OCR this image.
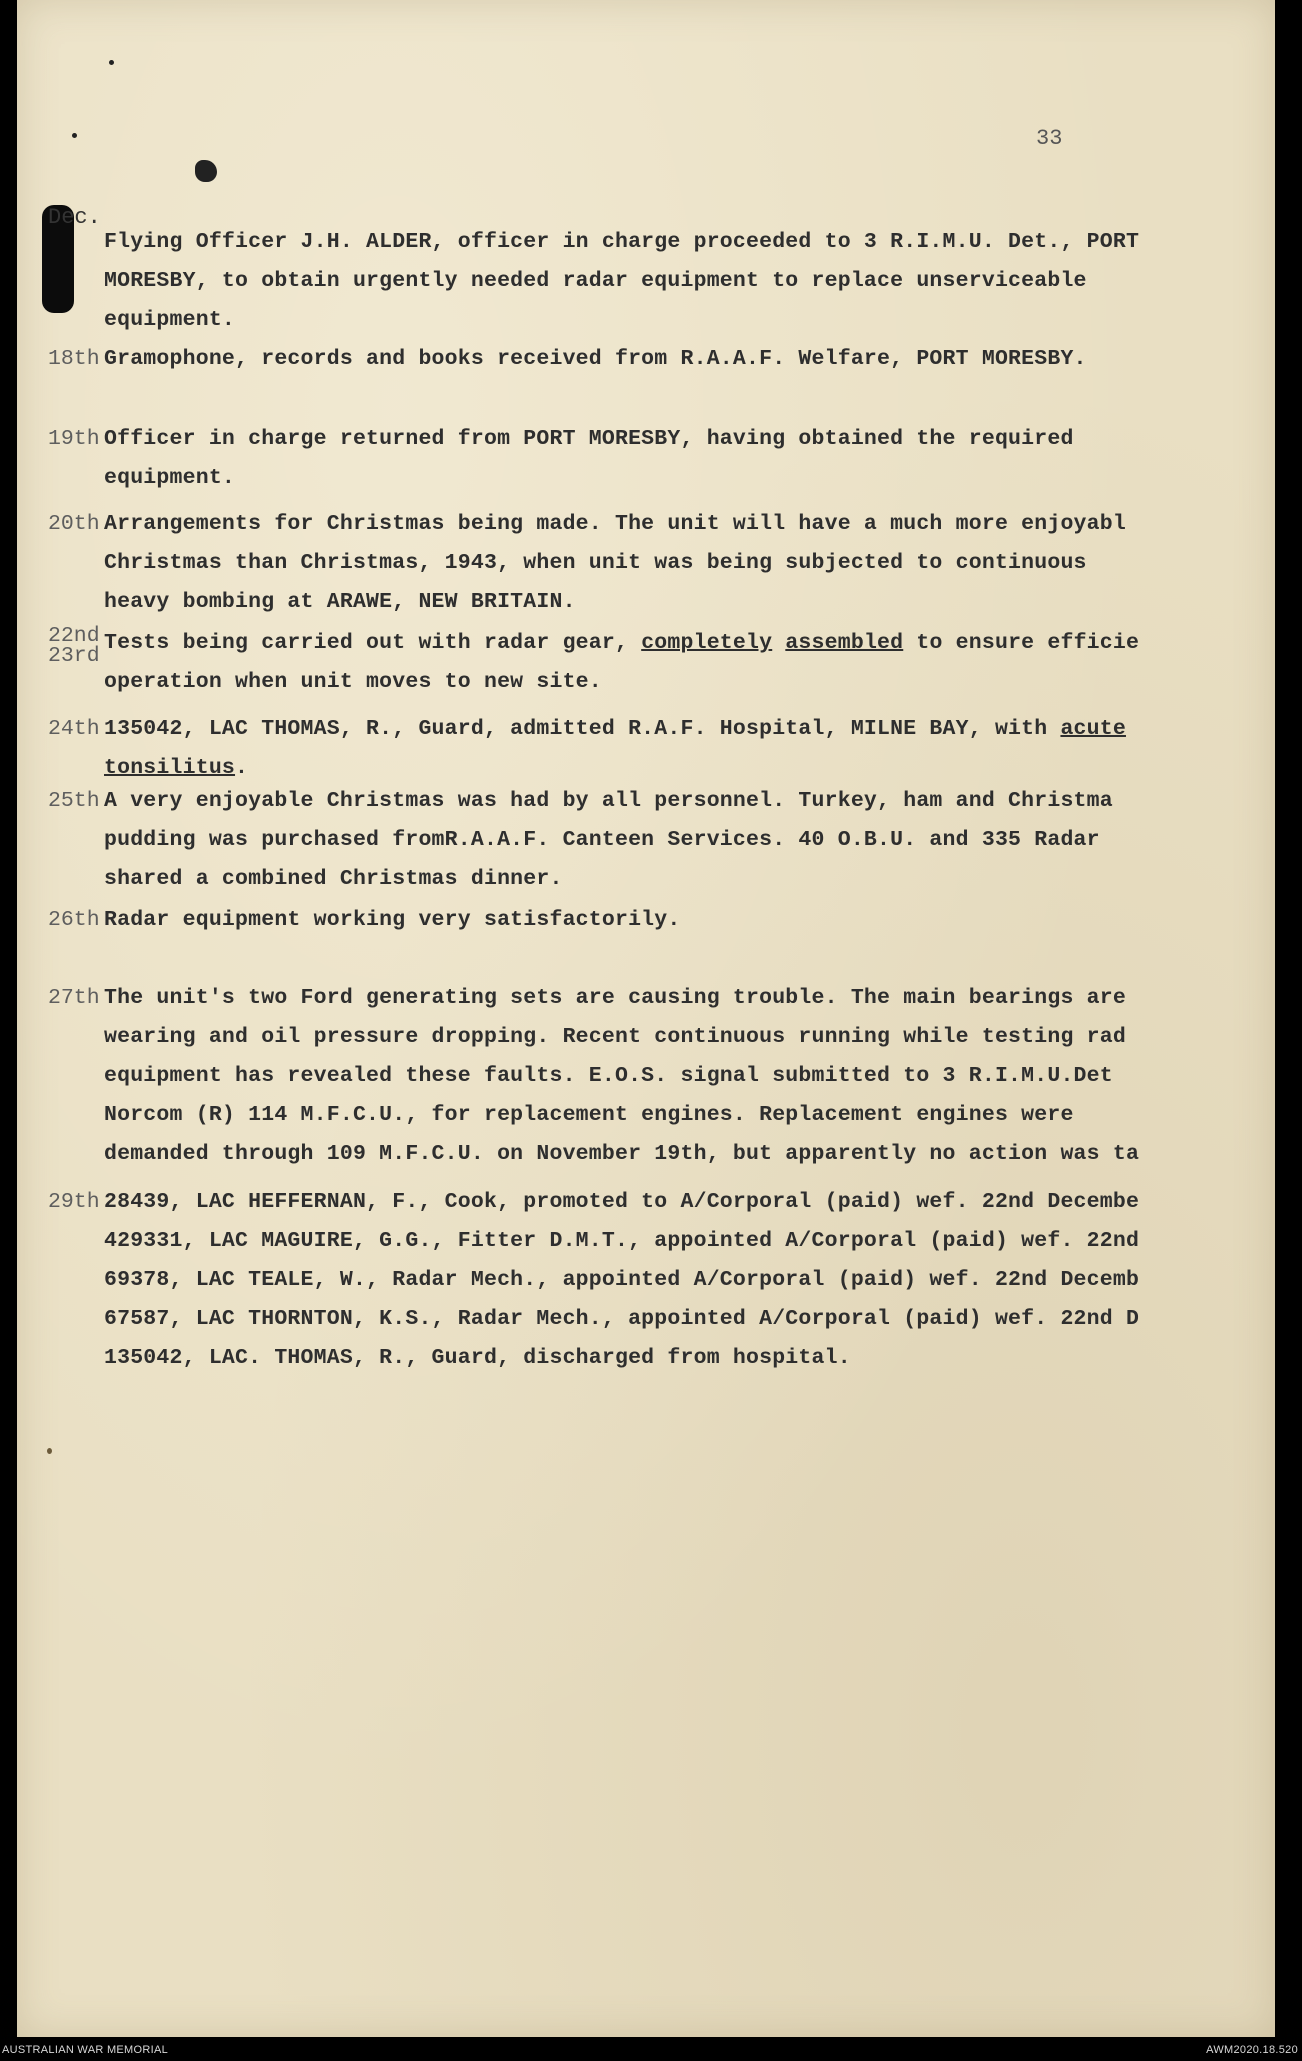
33
Dec.
Flying Officer J.H. ALDER, officer in charge proceeded to 3 R.I.M.U. Det., PORT
MORESBY, to obtain urgently needed radar equipment to replace unserviceable
equipment.
18th Gramophone, records and books received from R.A.A.F. Welfare, PORT MORESBY.
19th Officer in charge returned from PORT MORESBY, having obtained the required
equipment.
20th Arrangements for Christmas being made. The unit will have a much more enjoyabl
Christmas than Christmas, 1943, when unit was being subjected to continuous
heavy bombing at ARAWE, NEW BRITAIN.
22nd 23rd
Tests being carried out with radar gear, completely assembled to ensure efficie
operation when unit moves to new site.
24th 135042, LAC THOMAS, R., Guard, admitted R.A.F. Hospital, MILNE BAY, with acute
tonsilitus.
25th A very enjoyable Christmas was had by all personnel. Turkey, ham and Christma
pudding was purchased fromR.A.A.F. Canteen Services. 40 O.B.U. and 335 Radar
shared a combined Christmas dinner.
26th Radar equipment working very satisfactorily.
27th The unit's two Ford generating sets are causing trouble. The main bearings are
wearing and oil pressure dropping. Recent continuous running while testing rad
equipment has revealed these faults. E.O.S. signal submitted to 3 R.I.M.U.Det
Norcom (R) 114 M.F.C.U., for replacement engines. Replacement engines were
demanded through 109 M.F.C.U. on November 19th, but apparently no action was ta
29th 28439, LAC HEFFERNAN, F., Cook, promoted to A/Corporal (paid) wef. 22nd Decembe
429331, LAC MAGUIRE, G.G., Fitter D.M.T., appointed A/Corporal (paid) wef. 22nd
69378, LAC TEALE, W., Radar Mech., appointed A/Corporal (paid) wef. 22nd Decemb
67587, LAC THORNTON, K.S., Radar Mech., appointed A/Corporal (paid) wef. 22nd D
135042, LAC. THOMAS, R., Guard, discharged from hospital.
AUSTRALIAN WAR MEMORIAL	AWM2020.18.520
